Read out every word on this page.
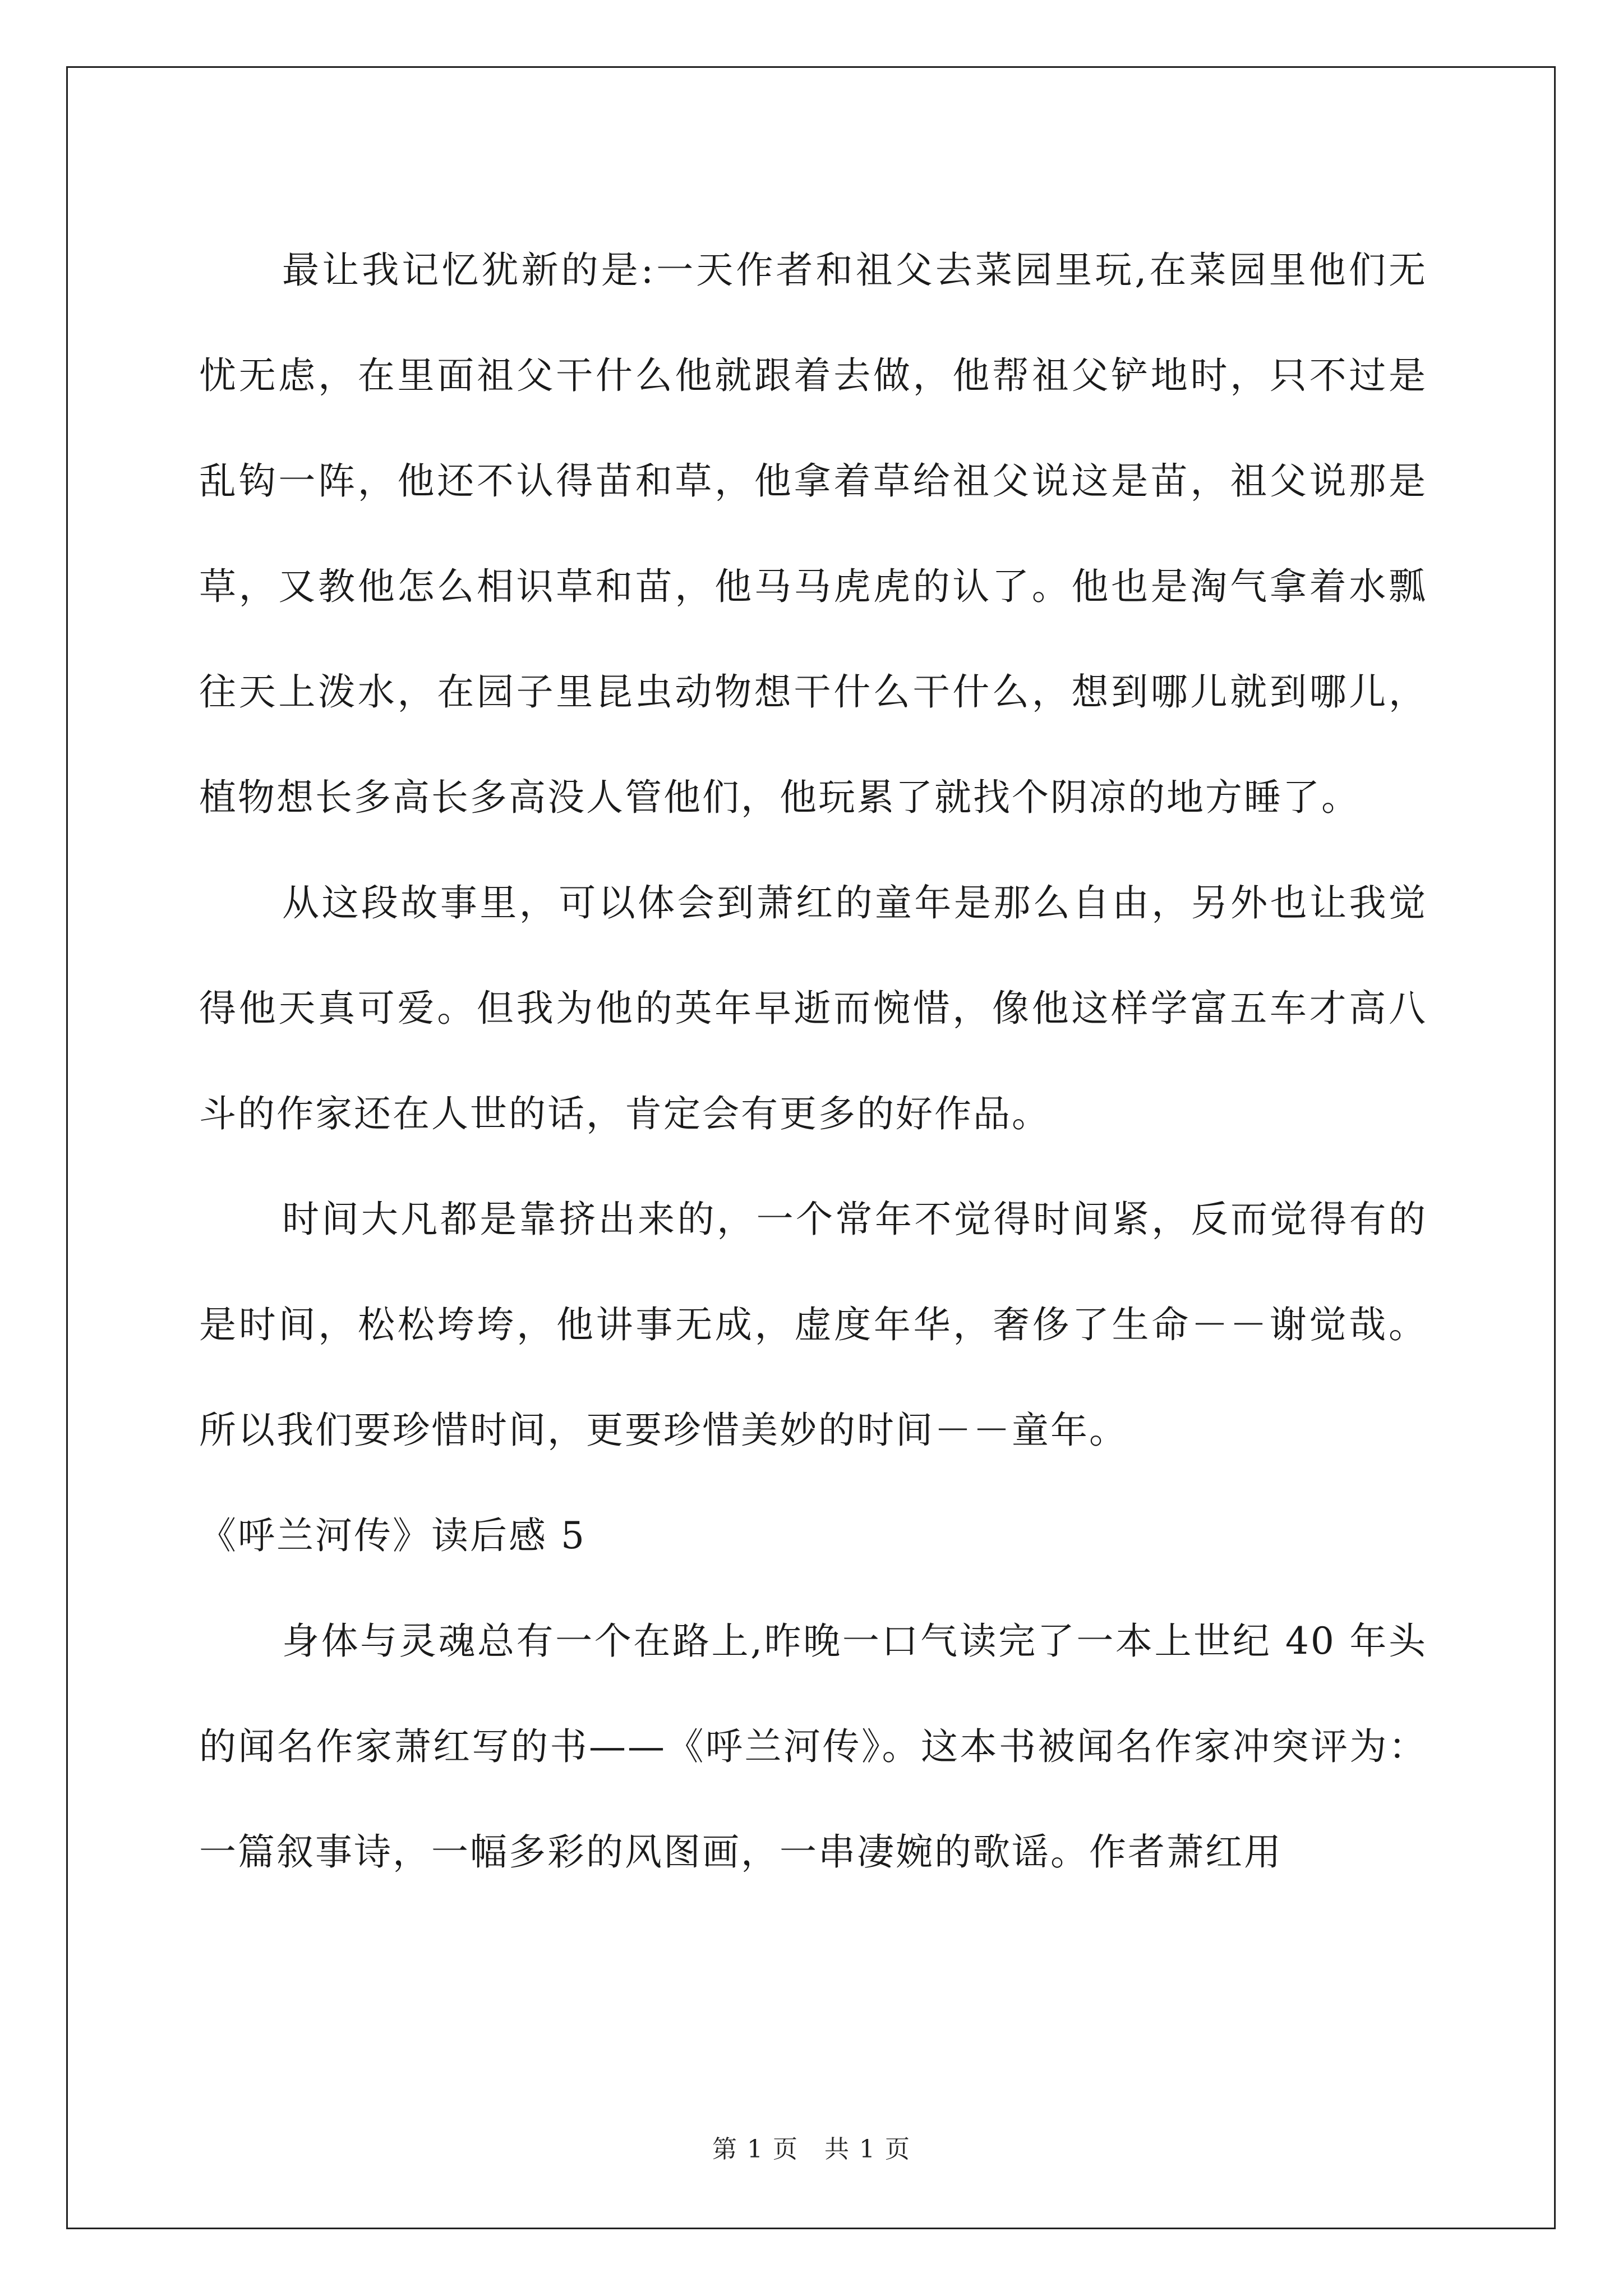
最让我记忆犹新的是:一天作者和祖父去菜园里玩,在菜园里他们无忧无虑，在里面祖父干什么他就跟着去做，他帮祖父铲地时，只不过是乱钩一阵，他还不认得苗和草，他拿着草给祖父说这是苗，祖父说那是草，又教他怎么相识草和苗，他马马虎虎的认了。他也是淘气拿着水瓢往天上泼水，在园子里昆虫动物想干什么干什么，想到哪儿就到哪儿，植物想长多高长多高没人管他们，他玩累了就找个阴凉的地方睡了。

从这段故事里，可以体会到萧红的童年是那么自由，另外也让我觉得他天真可爱。但我为他的英年早逝而惋惜，像他这样学富五车才高八斗的作家还在人世的话，肯定会有更多的好作品。

时间大凡都是靠挤出来的，一个常年不觉得时间紧，反而觉得有的是时间，松松垮垮，他讲事无成，虚度年华，奢侈了生命－－谢觉哉。所以我们要珍惜时间，更要珍惜美妙的时间－－童年。

《呼兰河传》读后感 5

身体与灵魂总有一个在路上,昨晚一口气读完了一本上世纪 40 年头的闻名作家萧红写的书——《呼兰河传》。这本书被闻名作家冲突评为：一篇叙事诗，一幅多彩的风图画，一串凄婉的歌谣。作者萧红用

第 1 页　共 1 页
